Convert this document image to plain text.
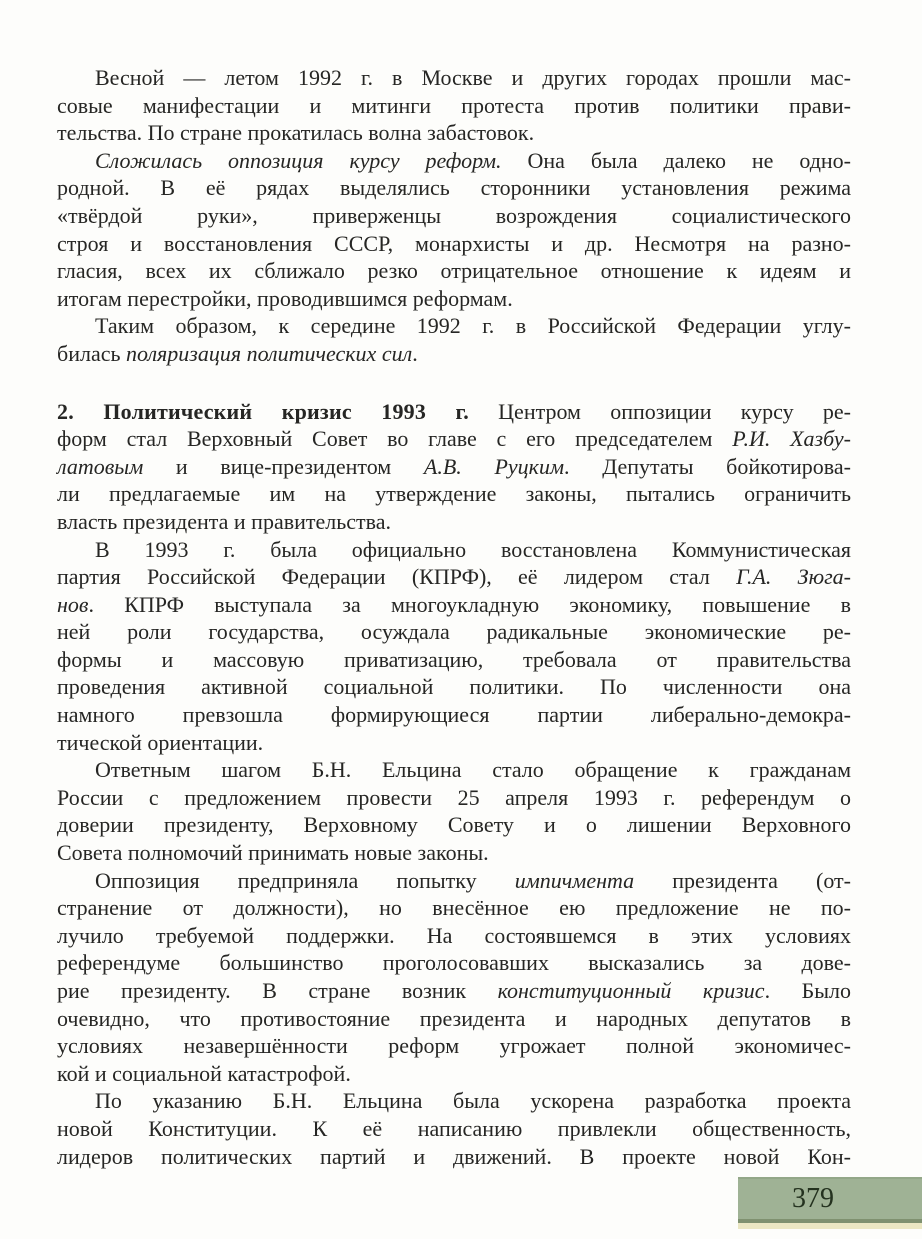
Весной — летом 1992 г. в Москве и других городах прошли мас-
совые манифестации и митинги протеста против политики прави-
тельства. По стране прокатилась волна забастовок.
Сложилась оппозиция курсу реформ. Она была далеко не одно-
родной. В её рядах выделялись сторонники установления режима
«твёрдой руки», приверженцы возрождения социалистического
строя и восстановления СССР, монархисты и др. Несмотря на разно-
гласия, всех их сближало резко отрицательное отношение к идеям и
итогам перестройки, проводившимся реформам.
Таким образом, к середине 1992 г. в Российской Федерации углу-
билась поляризация политических сил.
2. Политический кризис 1993 г. Центром оппозиции курсу ре-
форм стал Верховный Совет во главе с его председателем Р.И. Хазбу-
латовым и вице-президентом А.В. Руцким. Депутаты бойкотирова-
ли предлагаемые им на утверждение законы, пытались ограничить
власть президента и правительства.
В 1993 г. была официально восстановлена Коммунистическая
партия Российской Федерации (КПРФ), её лидером стал Г.А. Зюга-
нов. КПРФ выступала за многоукладную экономику, повышение в
ней роли государства, осуждала радикальные экономические ре-
формы и массовую приватизацию, требовала от правительства
проведения активной социальной политики. По численности она
намного превзошла формирующиеся партии либерально-демокра-
тической ориентации.
Ответным шагом Б.Н. Ельцина стало обращение к гражданам
России с предложением провести 25 апреля 1993 г. референдум о
доверии президенту, Верховному Совету и о лишении Верховного
Совета полномочий принимать новые законы.
Оппозиция предприняла попытку импичмента президента (от-
странение от должности), но внесённое ею предложение не по-
лучило требуемой поддержки. На состоявшемся в этих условиях
референдуме большинство проголосовавших высказались за дове-
рие президенту. В стране возник конституционный кризис. Было
очевидно, что противостояние президента и народных депутатов в
условиях незавершённости реформ угрожает полной экономичес-
кой и социальной катастрофой.
По указанию Б.Н. Ельцина была ускорена разработка проекта
новой Конституции. К её написанию привлекли общественность,
лидеров политических партий и движений. В проекте новой Кон-
379
